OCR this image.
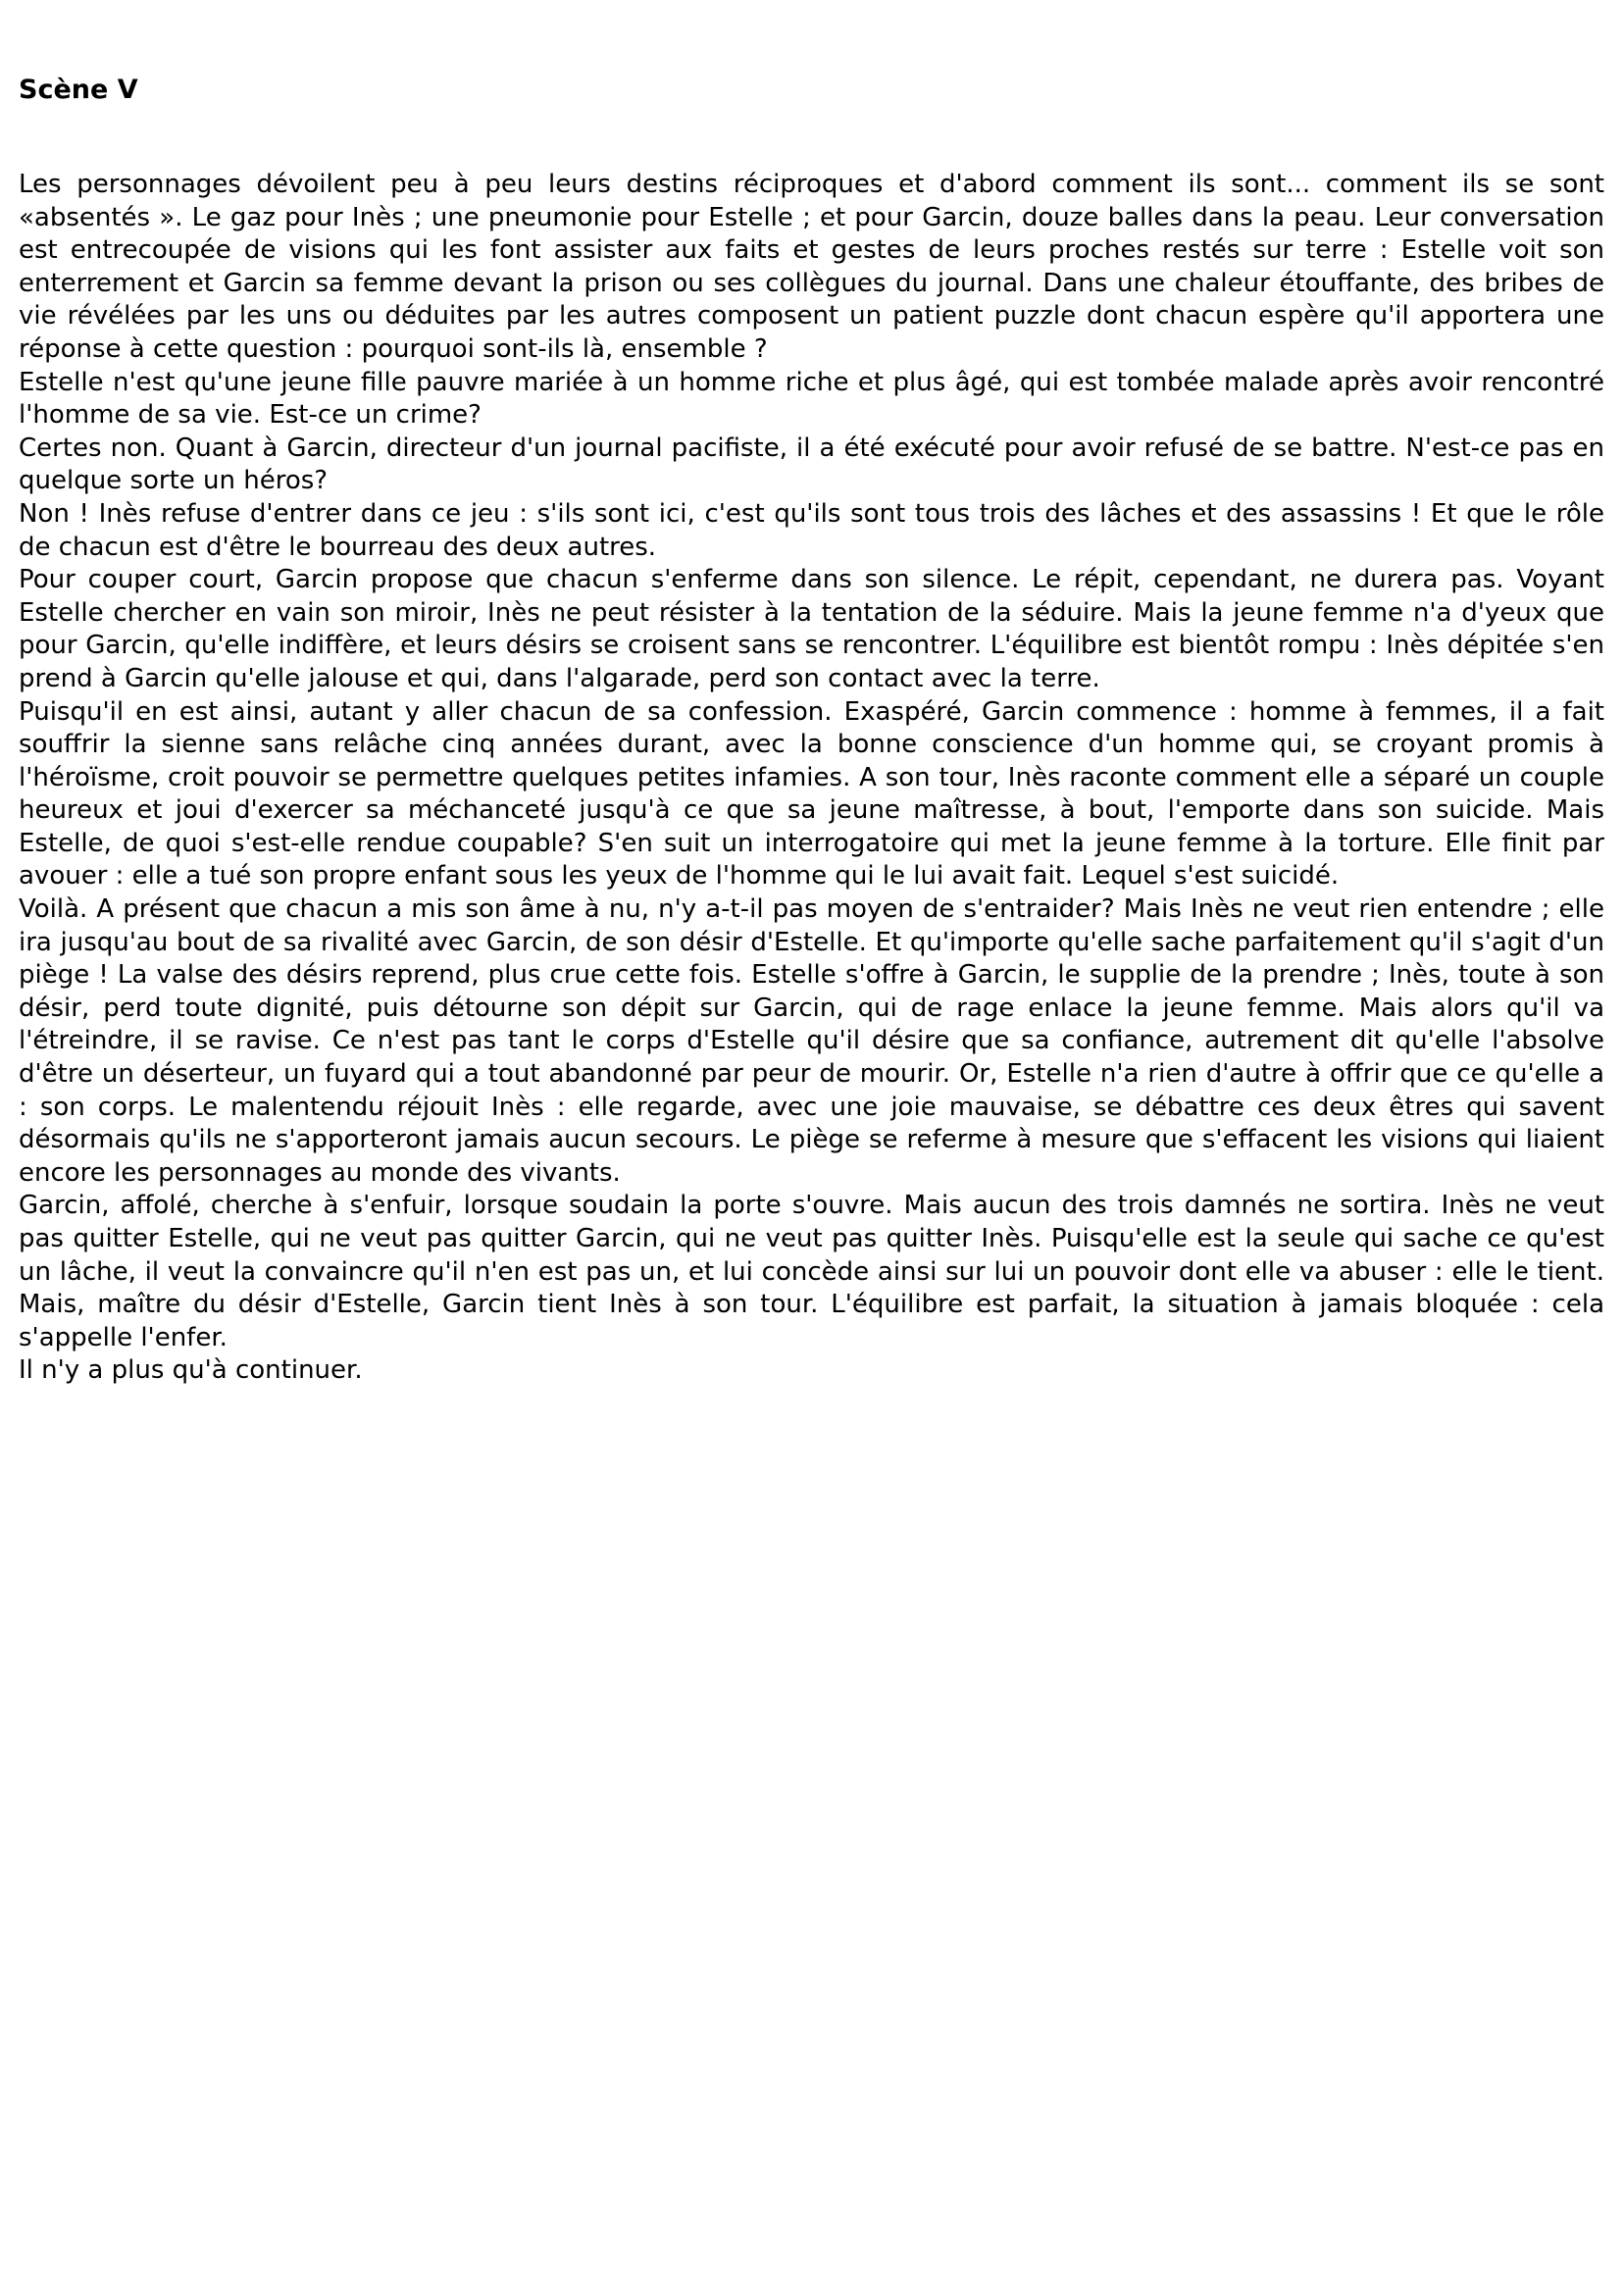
Scène V

Les personnages dévoilent peu à peu leurs destins réciproques et d'abord comment ils sont... comment ils se sont «absentés ». Le gaz pour Inès ; une pneumonie pour Estelle ; et pour Garcin, douze balles dans la peau. Leur conversation est entrecoupée de visions qui les font assister aux faits et gestes de leurs proches restés sur terre : Estelle voit son enterrement et Garcin sa femme devant la prison ou ses collègues du journal. Dans une chaleur étouffante, des bribes de vie révélées par les uns ou déduites par les autres composent un patient puzzle dont chacun espère qu'il apportera une réponse à cette question : pourquoi sont-ils là, ensemble ?

Estelle n'est qu'une jeune fille pauvre mariée à un homme riche et plus âgé, qui est tombée malade après avoir rencontré l'homme de sa vie. Est-ce un crime?

Certes non. Quant à Garcin, directeur d'un journal pacifiste, il a été exécuté pour avoir refusé de se battre. N'est-ce pas en quelque sorte un héros?

Non ! Inès refuse d'entrer dans ce jeu : s'ils sont ici, c'est qu'ils sont tous trois des lâches et des assassins ! Et que le rôle de chacun est d'être le bourreau des deux autres.

Pour couper court, Garcin propose que chacun s'enferme dans son silence. Le répit, cependant, ne durera pas. Voyant Estelle chercher en vain son miroir, Inès ne peut résister à la tentation de la séduire. Mais la jeune femme n'a d'yeux que pour Garcin, qu'elle indiffère, et leurs désirs se croisent sans se rencontrer. L'équilibre est bientôt rompu : Inès dépitée s'en prend à Garcin qu'elle jalouse et qui, dans l'algarade, perd son contact avec la terre.

Puisqu'il en est ainsi, autant y aller chacun de sa confession. Exaspéré, Garcin commence : homme à femmes, il a fait souffrir la sienne sans relâche cinq années durant, avec la bonne conscience d'un homme qui, se croyant promis à l'héroïsme, croit pouvoir se permettre quelques petites infamies. A son tour, Inès raconte comment elle a séparé un couple heureux et joui d'exercer sa méchanceté jusqu'à ce que sa jeune maîtresse, à bout, l'emporte dans son suicide. Mais Estelle, de quoi s'est-elle rendue coupable? S'en suit un interrogatoire qui met la jeune femme à la torture. Elle finit par avouer : elle a tué son propre enfant sous les yeux de l'homme qui le lui avait fait. Lequel s'est suicidé.

Voilà. A présent que chacun a mis son âme à nu, n'y a-t-il pas moyen de s'entraider? Mais Inès ne veut rien entendre ; elle ira jusqu'au bout de sa rivalité avec Garcin, de son désir d'Estelle. Et qu'importe qu'elle sache parfaitement qu'il s'agit d'un piège ! La valse des désirs reprend, plus crue cette fois. Estelle s'offre à Garcin, le supplie de la prendre ; Inès, toute à son désir, perd toute dignité, puis détourne son dépit sur Garcin, qui de rage enlace la jeune femme. Mais alors qu'il va l'étreindre, il se ravise. Ce n'est pas tant le corps d'Estelle qu'il désire que sa confiance, autrement dit qu'elle l'absolve d'être un déserteur, un fuyard qui a tout abandonné par peur de mourir. Or, Estelle n'a rien d'autre à offrir que ce qu'elle a : son corps. Le malentendu réjouit Inès : elle regarde, avec une joie mauvaise, se débattre ces deux êtres qui savent désormais qu'ils ne s'apporteront jamais aucun secours. Le piège se referme à mesure que s'effacent les visions qui liaient encore les personnages au monde des vivants.

Garcin, affolé, cherche à s'enfuir, lorsque soudain la porte s'ouvre. Mais aucun des trois damnés ne sortira. Inès ne veut pas quitter Estelle, qui ne veut pas quitter Garcin, qui ne veut pas quitter Inès. Puisqu'elle est la seule qui sache ce qu'est un lâche, il veut la convaincre qu'il n'en est pas un, et lui concède ainsi sur lui un pouvoir dont elle va abuser : elle le tient. Mais, maître du désir d'Estelle, Garcin tient Inès à son tour. L'équilibre est parfait, la situation à jamais bloquée : cela s'appelle l'enfer.

Il n'y a plus qu'à continuer.
